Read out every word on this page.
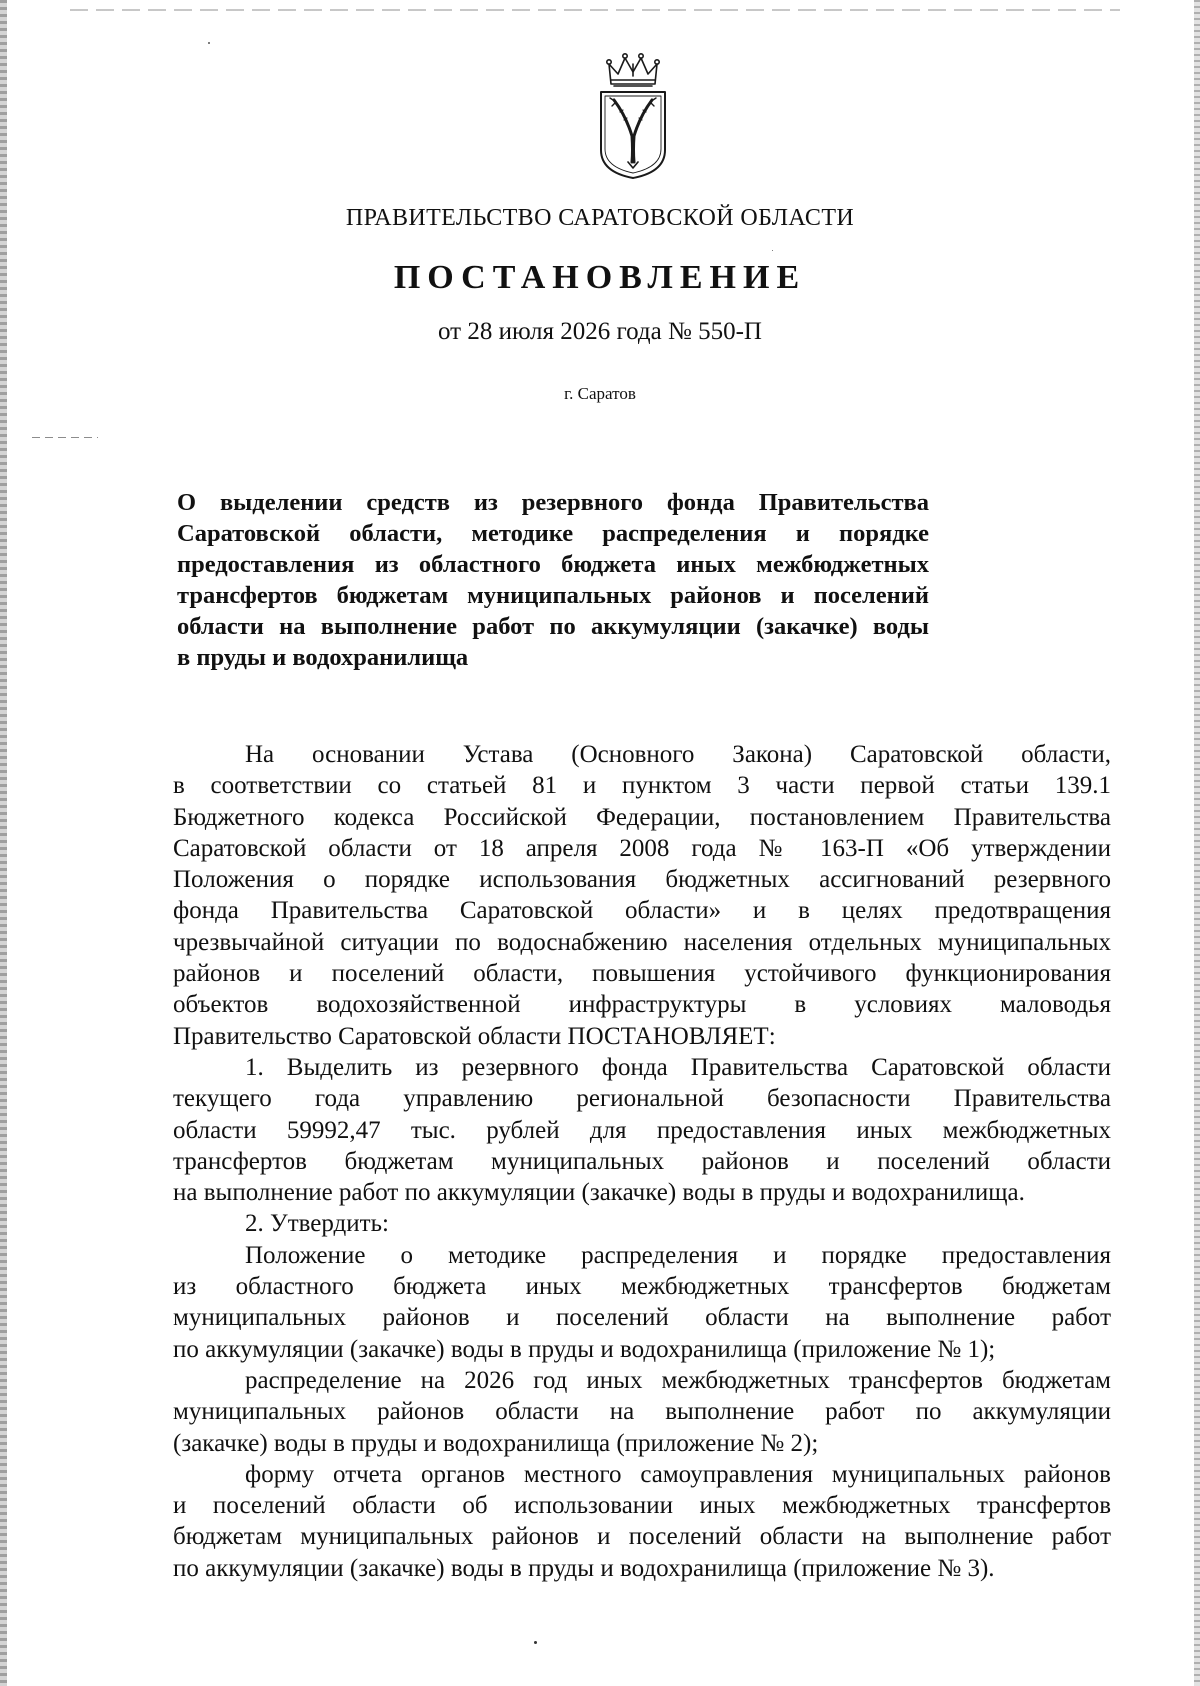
ПРАВИТЕЛЬСТВО САРАТОВСКОЙ ОБЛАСТИ
ПОСТАНОВЛЕНИЕ
от 28 июля 2026 года № 550-П
г. Саратов
О выделении средств из резервного фонда Правительства
Саратовской области, методике распределения и порядке
предоставления из областного бюджета иных межбюджетных
трансфертов бюджетам муниципальных районов и поселений
области на выполнение работ по аккумуляции (закачке) воды
в пруды и водохранилища
На основании Устава (Основного Закона) Саратовской области,
в соответствии со статьей 81 и пунктом 3 части первой статьи 139.1
Бюджетного кодекса Российской Федерации, постановлением Правительства
Саратовской области от 18 апреля 2008 года № 163-П «Об утверждении
Положения о порядке использования бюджетных ассигнований резервного
фонда Правительства Саратовской области» и в целях предотвращения
чрезвычайной ситуации по водоснабжению населения отдельных муниципальных
районов и поселений области, повышения устойчивого функционирования
объектов водохозяйственной инфраструктуры в условиях маловодья
Правительство Саратовской области ПОСТАНОВЛЯЕТ:
1. Выделить из резервного фонда Правительства Саратовской области
текущего года управлению региональной безопасности Правительства
области 59992,47 тыс. рублей для предоставления иных межбюджетных
трансфертов бюджетам муниципальных районов и поселений области
на выполнение работ по аккумуляции (закачке) воды в пруды и водохранилища.
2. Утвердить:
Положение о методике распределения и порядке предоставления
из областного бюджета иных межбюджетных трансфертов бюджетам
муниципальных районов и поселений области на выполнение работ
по аккумуляции (закачке) воды в пруды и водохранилища (приложение № 1);
распределение на 2026 год иных межбюджетных трансфертов бюджетам
муниципальных районов области на выполнение работ по аккумуляции
(закачке) воды в пруды и водохранилища (приложение № 2);
форму отчета органов местного самоуправления муниципальных районов
и поселений области об использовании иных межбюджетных трансфертов
бюджетам муниципальных районов и поселений области на выполнение работ
по аккумуляции (закачке) воды в пруды и водохранилища (приложение № 3).
